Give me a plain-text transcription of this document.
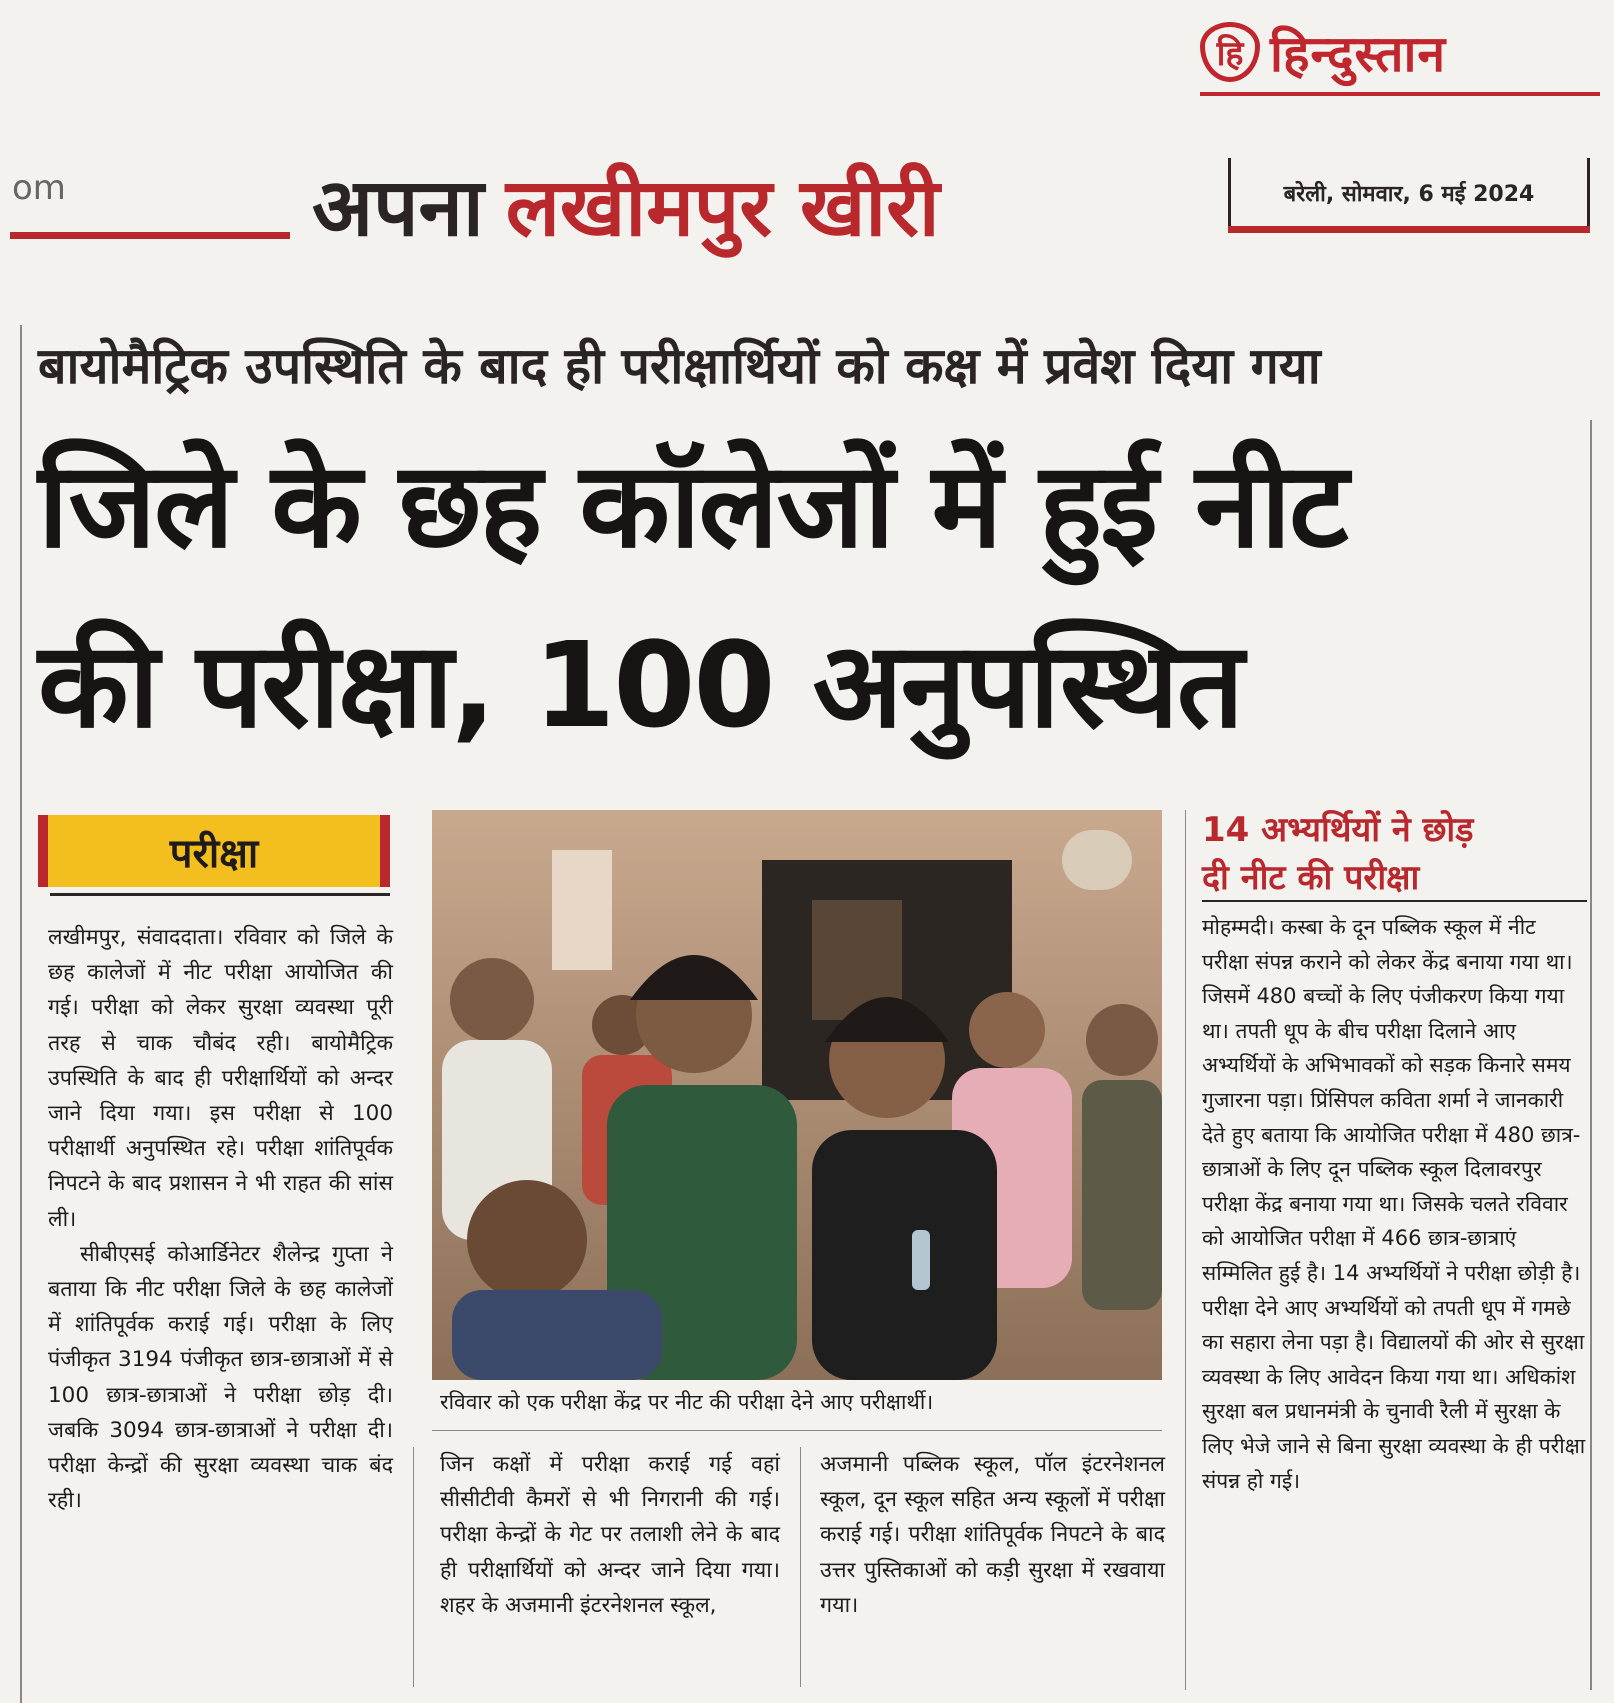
हि हिन्दुस्तान
om	अपना लखीमपुर खीरी	बरेली, सोमवार, 6 मई 2024
बायोमैट्रिक उपस्थिति के बाद ही परीक्षार्थियों को कक्ष में प्रवेश दिया गया
जिले के छह कॉलेजों में हुई नीट
की परीक्षा, 100 अनुपस्थित
परीक्षा

लखीमपुर, संवाददाता। रविवार को जिले के छह कालेजों में नीट परीक्षा आयोजित की गई। परीक्षा को लेकर सुरक्षा व्यवस्था पूरी तरह से चाक चौबंद रही। बायोमैट्रिक उपस्थिति के बाद ही परीक्षार्थियों को अन्दर जाने दिया गया। इस परीक्षा से 100 परीक्षार्थी अनुपस्थित रहे। परीक्षा शांतिपूर्वक निपटने के बाद प्रशासन ने भी राहत की सांस ली।

सीबीएसई कोआर्डिनेटर शैलेन्द्र गुप्ता ने बताया कि नीट परीक्षा जिले के छह कालेजों में शांतिपूर्वक कराई गई। परीक्षा के लिए पंजीकृत 3194 पंजीकृत छात्र-छात्राओं में से 100 छात्र-छात्राओं ने परीक्षा छोड़ दी। जबकि 3094 छात्र-छात्राओं ने परीक्षा दी। परीक्षा केन्द्रों की सुरक्षा व्यवस्था चाक बंद रही।

रविवार को एक परीक्षा केंद्र पर नीट की परीक्षा देने आए परीक्षार्थी।

जिन कक्षों में परीक्षा कराई गई वहां सीसीटीवी कैमरों से भी निगरानी की गई। परीक्षा केन्द्रों के गेट पर तलाशी लेने के बाद ही परीक्षार्थियों को अन्दर जाने दिया गया। शहर के अजमानी इंटरनेशनल स्कूल,

अजमानी पब्लिक स्कूल, पॉल इंटरनेशनल स्कूल, दून स्कूल सहित अन्य स्कूलों में परीक्षा कराई गई। परीक्षा शांतिपूर्वक निपटने के बाद उत्तर पुस्तिकाओं को कड़ी सुरक्षा में रखवाया गया।

14 अभ्यर्थियों ने छोड़
दी नीट की परीक्षा

मोहम्मदी। कस्बा के दून पब्लिक स्कूल में नीट परीक्षा संपन्न कराने को लेकर केंद्र बनाया गया था। जिसमें 480 बच्चों के लिए पंजीकरण किया गया था। तपती धूप के बीच परीक्षा दिलाने आए अभ्यर्थियों के अभिभावकों को सड़क किनारे समय गुजारना पड़ा। प्रिंसिपल कविता शर्मा ने जानकारी देते हुए बताया कि आयोजित परीक्षा में 480 छात्र-छात्राओं के लिए दून पब्लिक स्कूल दिलावरपुर परीक्षा केंद्र बनाया गया था। जिसके चलते रविवार को आयोजित परीक्षा में 466 छात्र-छात्राएं सम्मिलित हुई है। 14 अभ्यर्थियों ने परीक्षा छोड़ी है। परीक्षा देने आए अभ्यर्थियों को तपती धूप में गमछे का सहारा लेना पड़ा है। विद्यालयों की ओर से सुरक्षा व्यवस्था के लिए आवेदन किया गया था। अधिकांश सुरक्षा बल प्रधानमंत्री के चुनावी रैली में सुरक्षा के लिए भेजे जाने से बिना सुरक्षा व्यवस्था के ही परीक्षा संपन्न हो गई।
